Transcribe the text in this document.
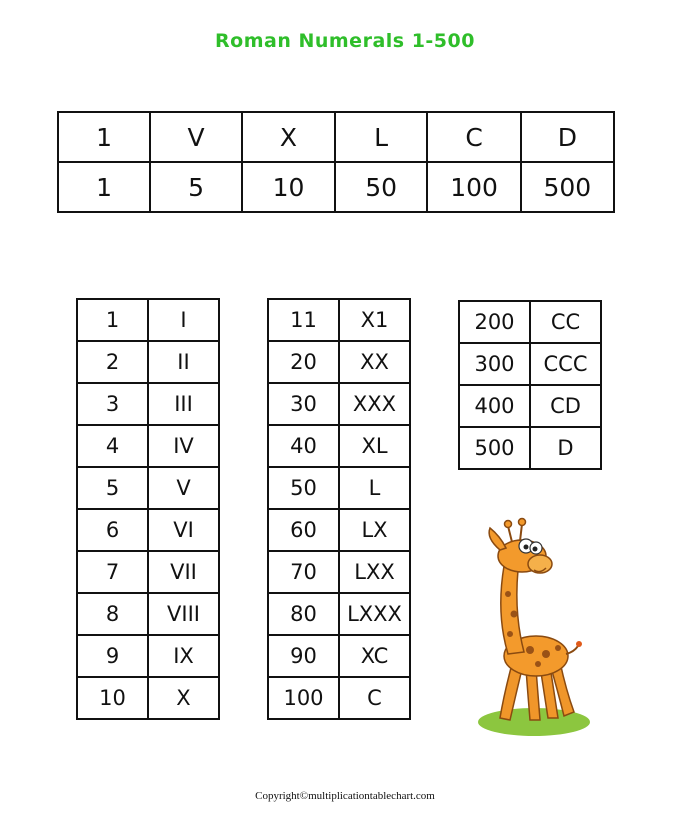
Roman Numerals 1-500
1	V	X	L	C	D
1	5	10	50	100	500
1	I
2	II
3	III
4	IV
5	V
6	VI
7	VII
8	VIII
9	IX
10	X
11	X1
20	XX
30	XXX
40	XL
50	L
60	LX
70	LXX
80	LXXX
90	XC
100	C
200	CC
300	CCC
400	CD
500	D
Copyright©multiplicationtablechart.com
